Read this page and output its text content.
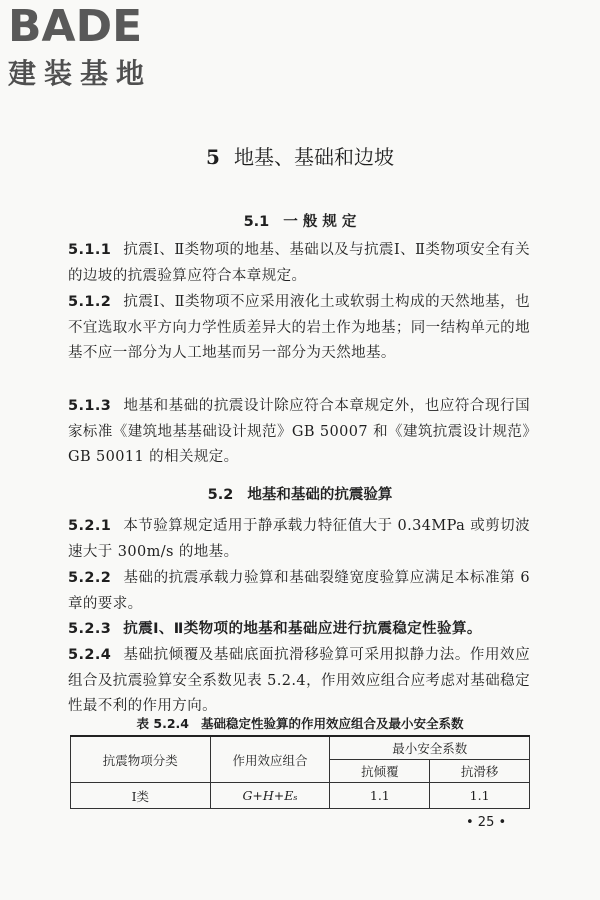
BADE
建装基地
5 地基、基础和边坡
5.1 一 般 规 定
5.1.1 抗震Ⅰ、Ⅱ类物项的地基、基础以及与抗震Ⅰ、Ⅱ类物项安全有关的边坡的抗震验算应符合本章规定。
5.1.2 抗震Ⅰ、Ⅱ类物项不应采用液化土或软弱土构成的天然地基，也不宜选取水平方向力学性质差异大的岩土作为地基；同一结构单元的地基不应一部分为人工地基而另一部分为天然地基。
5.1.3 地基和基础的抗震设计除应符合本章规定外，也应符合现行国家标准《建筑地基基础设计规范》GB 50007 和《建筑抗震设计规范》GB 50011 的相关规定。
5.2 地基和基础的抗震验算
5.2.1 本节验算规定适用于静承载力特征值大于 0.34MPa 或剪切波速大于 300m/s 的地基。
5.2.2 基础的抗震承载力验算和基础裂缝宽度验算应满足本标准第 6 章的要求。
5.2.3 抗震Ⅰ、Ⅱ类物项的地基和基础应进行抗震稳定性验算。
5.2.4 基础抗倾覆及基础底面抗滑移验算可采用拟静力法。作用效应组合及抗震验算安全系数见表 5.2.4，作用效应组合应考虑对基础稳定性最不利的作用方向。
表 5.2.4 基础稳定性验算的作用效应组合及最小安全系数
抗震物项分类	作用效应组合	最小安全系数	
		抗倾覆	抗滑移
Ⅰ类	G+H+Eₛ	1.1	1.1
• 25 •
